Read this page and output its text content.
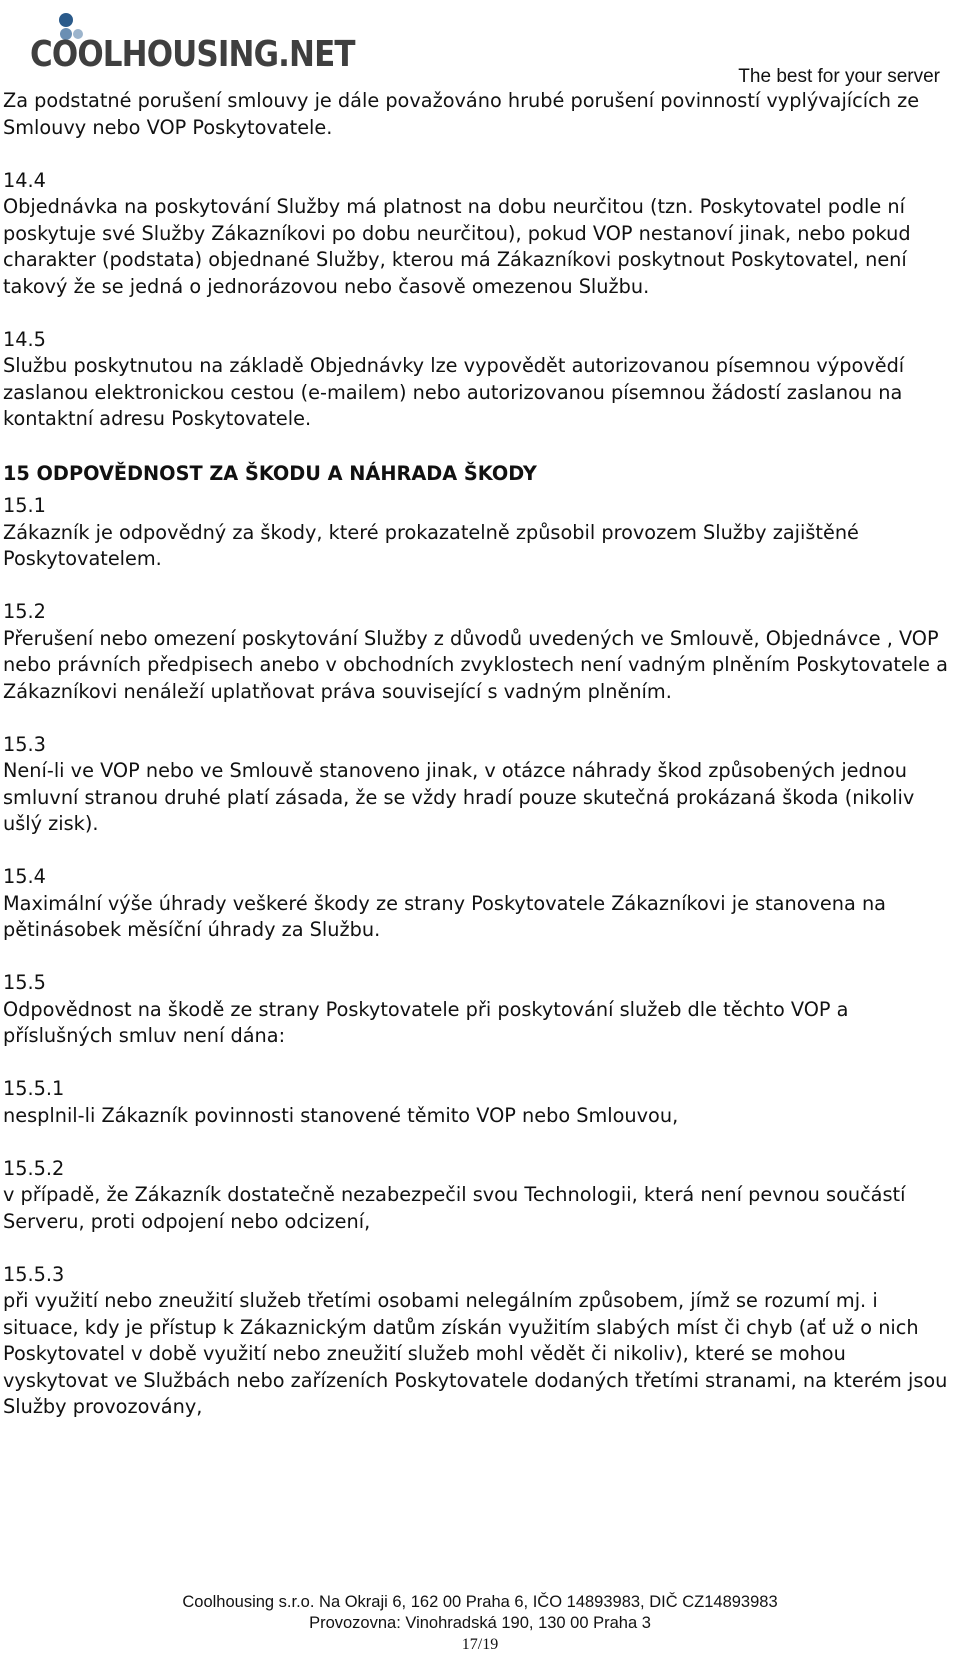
COOLHOUSING.NET
The best for your server

Za podstatné porušení smlouvy je dále považováno hrubé porušení povinností vyplývajících ze Smlouvy nebo VOP Poskytovatele.

14.4
Objednávka na poskytování Služby má platnost na dobu neurčitou (tzn. Poskytovatel podle ní poskytuje své Služby Zákazníkovi po dobu neurčitou), pokud VOP nestanoví jinak, nebo pokud charakter (podstata) objednané Služby, kterou má Zákazníkovi poskytnout Poskytovatel, není takový že se jedná o jednorázovou nebo časově omezenou Službu.

14.5
Službu poskytnutou na základě Objednávky lze vypovědět autorizovanou písemnou výpovědí zaslanou elektronickou cestou (e-mailem) nebo autorizovanou písemnou žádostí zaslanou na kontaktní adresu Poskytovatele.

15 ODPOVĚDNOST ZA ŠKODU A NÁHRADA ŠKODY

15.1
Zákazník je odpovědný za škody, které prokazatelně způsobil provozem Služby zajištěné Poskytovatelem.

15.2
Přerušení nebo omezení poskytování Služby z důvodů uvedených ve Smlouvě, Objednávce , VOP nebo právních předpisech anebo v obchodních zvyklostech není vadným plněním Poskytovatele a Zákazníkovi nenáleží uplatňovat práva související s vadným plněním.

15.3
Není-li ve VOP nebo ve Smlouvě stanoveno jinak, v otázce náhrady škod způsobených jednou smluvní stranou druhé platí zásada, že se vždy hradí pouze skutečná prokázaná škoda (nikoliv ušlý zisk).

15.4
Maximální výše úhrady veškeré škody ze strany Poskytovatele Zákazníkovi je stanovena na pětinásobek měsíční úhrady za Službu.

15.5
Odpovědnost na škodě ze strany Poskytovatele při poskytování služeb dle těchto VOP a příslušných smluv není dána:

15.5.1
nesplnil-li Zákazník povinnosti stanovené těmito VOP nebo Smlouvou,

15.5.2
v případě, že Zákazník dostatečně nezabezpečil svou Technologii, která není pevnou součástí Serveru, proti odpojení nebo odcizení,

15.5.3
při využití nebo zneužití služeb třetími osobami nelegálním způsobem, jímž se rozumí mj. i situace, kdy je přístup k Zákaznickým datům získán využitím slabých míst či chyb (ať už o nich Poskytovatel v době využití nebo zneužití služeb mohl vědět či nikoliv), které se mohou vyskytovat ve Službách nebo zařízeních Poskytovatele dodaných třetími stranami, na kterém jsou Služby provozovány,

Coolhousing s.r.o. Na Okraji 6, 162 00 Praha 6, IČO 14893983, DIČ CZ14893983
Provozovna: Vinohradská 190, 130 00 Praha 3
17/19
